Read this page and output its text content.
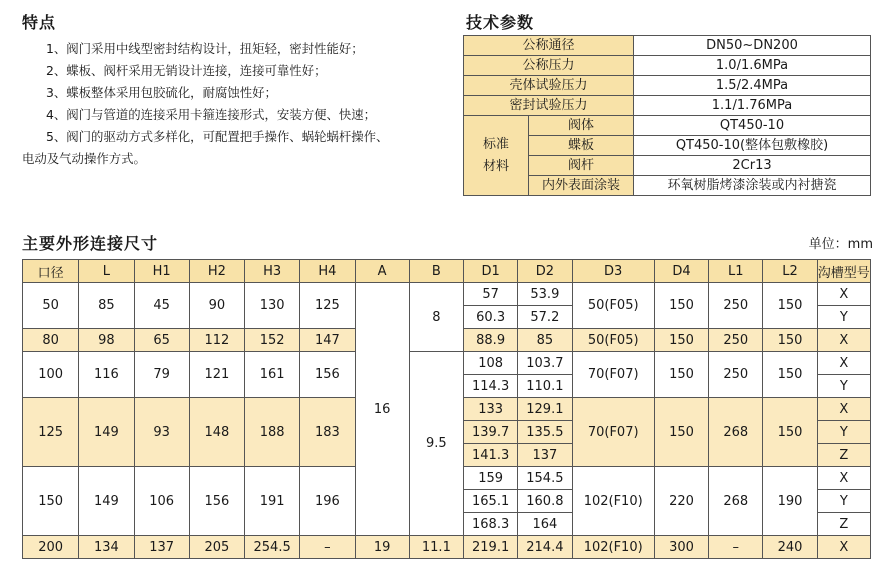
特点

1、阀门采用中线型密封结构设计，扭矩轻，密封性能好；

2、蝶板、阀杆采用无销设计连接，连接可靠性好；

3、蝶板整体采用包胶硫化，耐腐蚀性好；

4、阀门与管道的连接采用卡箍连接形式，安装方便、快速；

5、阀门的驱动方式多样化，可配置把手操作、蜗轮蜗杆操作、电动及气动操作方式。

技术参数
公称通径		DN50~DN200
公称压力		1.0/1.6MPa
壳体试验压力		1.5/2.4MPa
密封试验压力		1.1/1.76MPa
标准材料	阀体	QT450-10
	蝶板	QT450-10(整体包敷橡胶)
	阀杆	2Cr13
	内外表面涂装	环氧树脂烤漆涂装或内衬搪瓷
主要外形连接尺寸	单位：mm
口径	L	H1	H2	H3	H4	A	B	D1	D2	D3	D4	L1	L2	沟槽型号
50	85	45	90	130	125	16	8	57	53.9	50(F05)	150	250	150	X
								60.3	57.2					Y
80	98	65	112	152	147			88.9	85	50(F05)	150	250	150	X
100	116	79	121	161	156		9.5	108	103.7	70(F07)	150	250	150	X
								114.3	110.1					Y
125	149	93	148	188	183			133	129.1	70(F07)	150	268	150	X
								139.7	135.5					Y
								141.3	137					Z
150	149	106	156	191	196			159	154.5	102(F10)	220	268	190	X
								165.1	160.8					Y
								168.3	164					Z
200	134	137	205	254.5	–	19	11.1	219.1	214.4	102(F10)	300	–	240	X
